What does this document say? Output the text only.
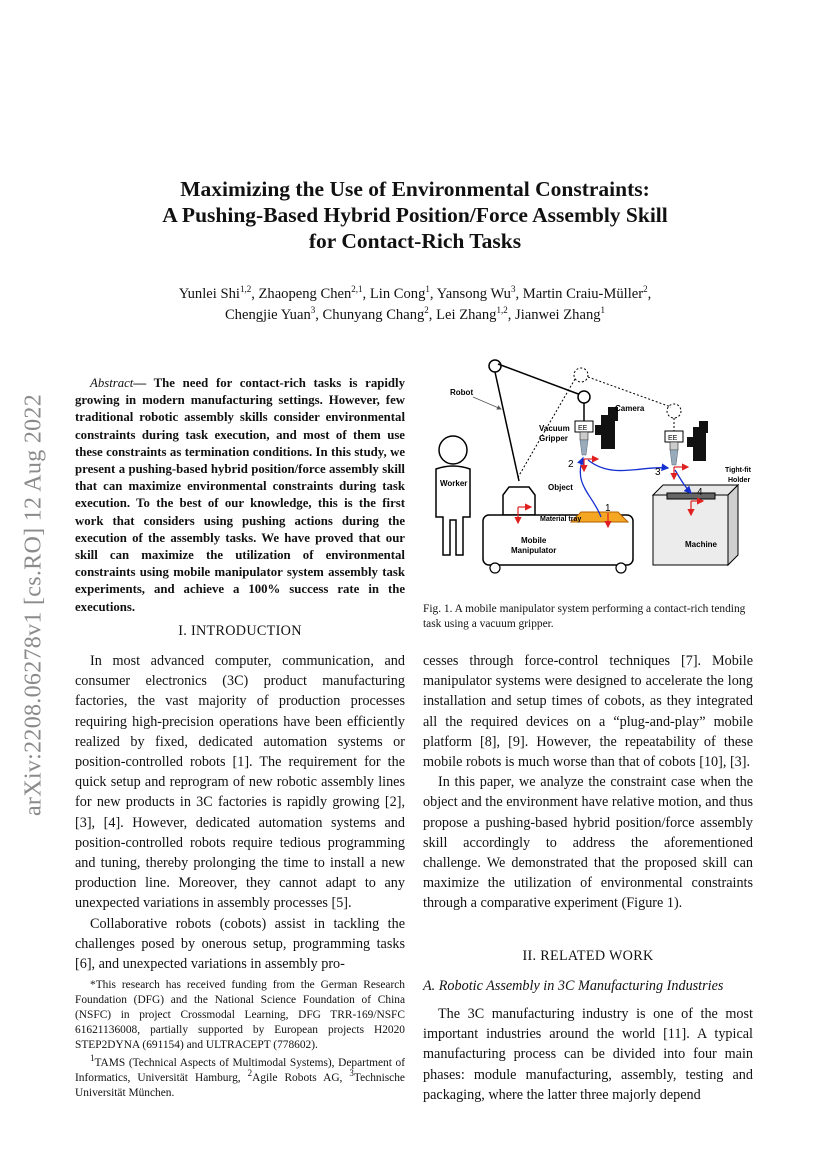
arXiv:2208.06278v1 [cs.RO] 12 Aug 2022
Maximizing the Use of Environmental Constraints:
A Pushing-Based Hybrid Position/Force Assembly Skill
for Contact-Rich Tasks
Yunlei Shi$^{1,2}$, Zhaopeng Chen$^{2,1}$, Lin Cong$^1$, Yansong Wu$^3$, Martin Craiu-Müller$^2$,
Chengjie Yuan$^3$, Chunyang Chang$^2$, Lei Zhang$^{1,2}$, Jianwei Zhang$^1$
Abstract— The need for contact-rich tasks is rapidly growing in modern manufacturing settings. However, few traditional robotic assembly skills consider environmental constraints during task execution, and most of them use these constraints as termination conditions. In this study, we present a pushing-based hybrid position/force assembly skill that can maximize environmental constraints during task execution. To the best of our knowledge, this is the first work that considers using pushing actions during the execution of the assembly tasks. We have proved that our skill can maximize the utilization of environmental constraints using mobile manipulator system assembly task experiments, and achieve a 100% success rate in the executions.
I. INTRODUCTION

In most advanced computer, communication, and consumer electronics (3C) product manufacturing factories, the vast majority of production processes requiring high-precision operations have been efficiently realized by fixed, dedicated automation systems or position-controlled robots [1]. The requirement for the quick setup and reprogram of new robotic assembly lines for new products in 3C factories is rapidly growing [2], [3], [4]. However, dedicated automation systems and position-controlled robots require tedious programming and tuning, thereby prolonging the time to install a new production line. Moreover, they cannot adapt to any unexpected variations in assembly processes [5].

Collaborative robots (cobots) assist in tackling the challenges posed by onerous setup, programming tasks [6], and unexpected variations in assembly pro-

*This research has received funding from the German Research Foundation (DFG) and the National Science Foundation of China (NSFC) in project Crossmodal Learning, DFG TRR-169/NSFC 61621136008, partially supported by European projects H2020 STEP2DYNA (691154) and ULTRACEPT (778602).

$^1$TAMS (Technical Aspects of Multimodal Systems), Department of Informatics, Universität Hamburg, $^2$Agile Robots AG, $^3$Technische Universität München.

Robot
EE
Camera
Vacuum
Gripper	EE
Worker
Mobile
Manipulator
Material tray
Object
Machine
Tight-fit
Holder
2
1
3
4
Fig. 1. A mobile manipulator system performing a contact-rich tending task using a vacuum gripper.

cesses through force-control techniques [7]. Mobile manipulator systems were designed to accelerate the long installation and setup times of cobots, as they integrated all the required devices on a “plug-and-play” mobile platform [8], [9]. However, the repeatability of these mobile robots is much worse than that of cobots [10], [3].

In this paper, we analyze the constraint case when the object and the environment have relative motion, and thus propose a pushing-based hybrid position/force assembly skill accordingly to address the aforementioned challenge. We demonstrated that the proposed skill can maximize the utilization of environmental constraints through a comparative experiment (Figure 1).

II. RELATED WORK
A. Robotic Assembly in 3C Manufacturing Industries

The 3C manufacturing industry is one of the most important industries around the world [11]. A typical manufacturing process can be divided into four main phases: module manufacturing, assembly, testing and packaging, where the latter three majorly depend
